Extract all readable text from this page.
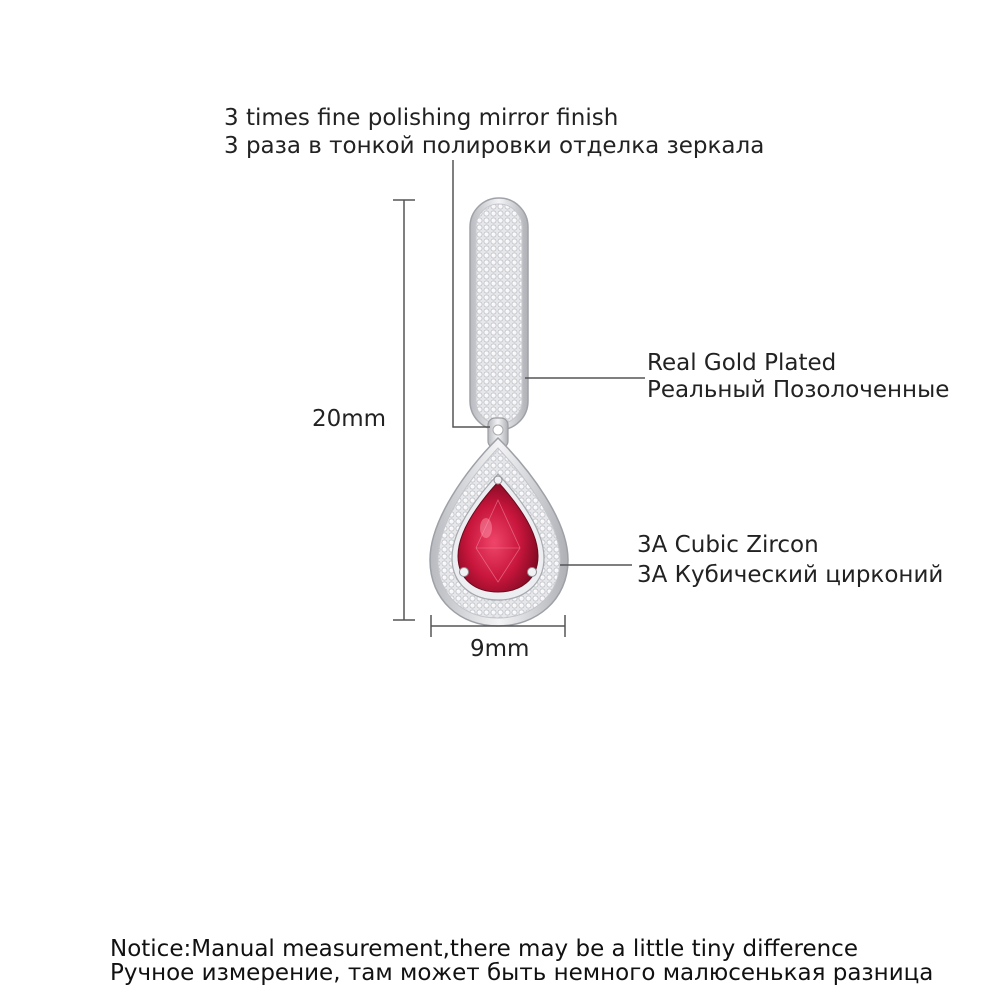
3 times fine polishing mirror finish
3 раза в тонкой полировки отделка зеркала
Real Gold Plated
Реальный Позолоченные
3A Cubic Zircon
3A Кубический цирконий
20mm
9mm
Notice:Manual measurement,there may be a little tiny difference
Ручное измерение, там может быть немного малюсенькая разница
